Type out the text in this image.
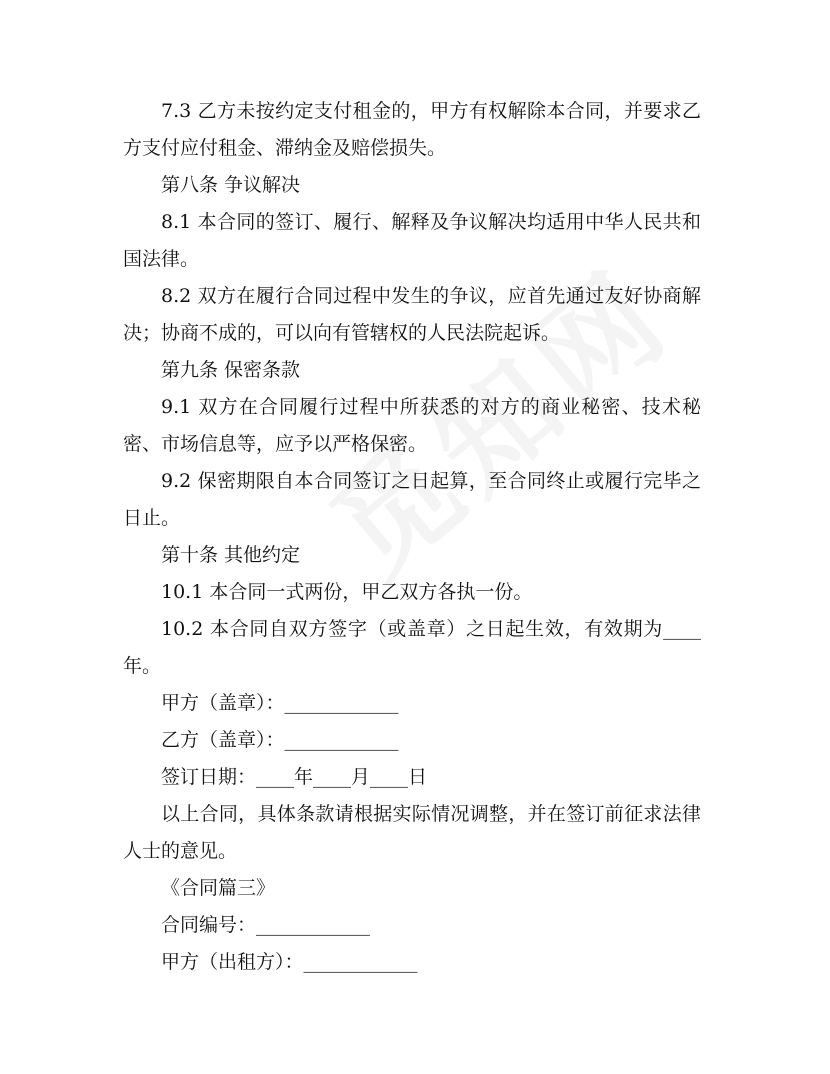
7.3 乙方未按约定支付租金的，甲方有权解除本合同，并要求乙方支付应付租金、滞纳金及赔偿损失。

第八条 争议解决

8.1 本合同的签订、履行、解释及争议解决均适用中华人民共和国法律。

8.2 双方在履行合同过程中发生的争议，应首先通过友好协商解决；协商不成的，可以向有管辖权的人民法院起诉。

第九条 保密条款

9.1 双方在合同履行过程中所获悉的对方的商业秘密、技术秘密、市场信息等，应予以严格保密。

9.2 保密期限自本合同签订之日起算，至合同终止或履行完毕之日止。

第十条 其他约定

10.1 本合同一式两份，甲乙双方各执一份。

10.2 本合同自双方签字（或盖章）之日起生效，有效期为____年。

甲方（盖章）：____________

乙方（盖章）：____________

签订日期：____年____月____日

以上合同，具体条款请根据实际情况调整，并在签订前征求法律人士的意见。

《合同篇三》

合同编号：____________

甲方（出租方）：____________
